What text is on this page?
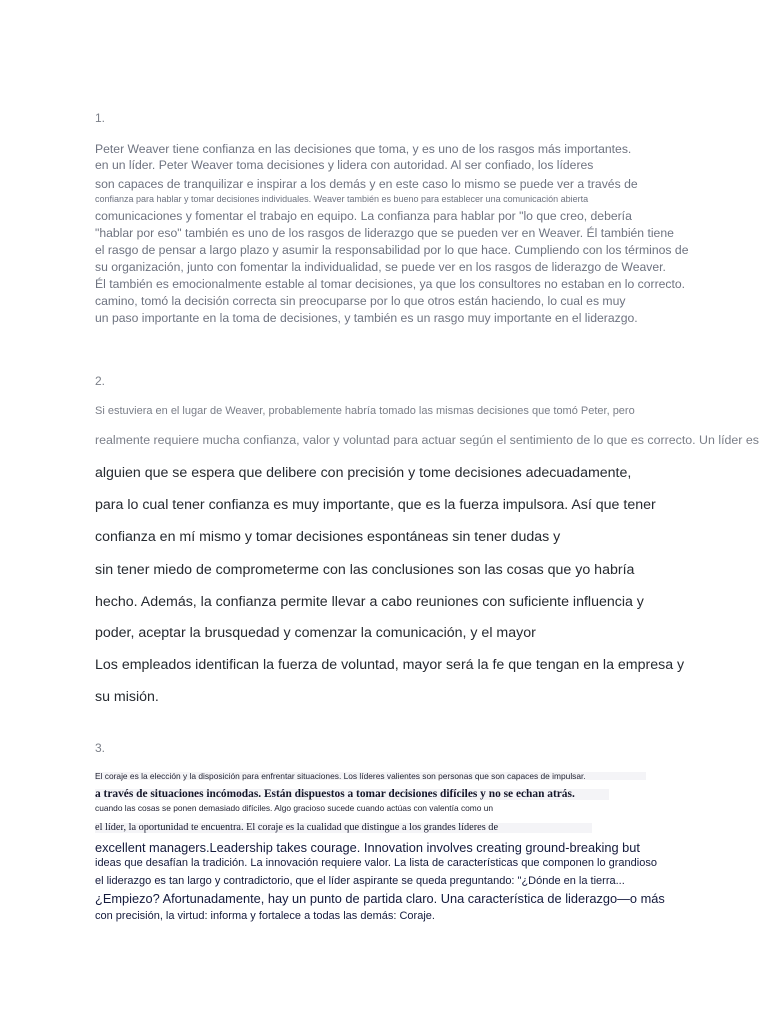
1.
Peter Weaver tiene confianza en las decisiones que toma, y es uno de los rasgos más importantes.
en un líder. Peter Weaver toma decisiones y lidera con autoridad. Al ser confiado, los líderes
son capaces de tranquilizar e inspirar a los demás y en este caso lo mismo se puede ver a través de
confianza para hablar y tomar decisiones individuales. Weaver también es bueno para establecer una comunicación abierta
comunicaciones y fomentar el trabajo en equipo. La confianza para hablar por "lo que creo, debería
"hablar por eso" también es uno de los rasgos de liderazgo que se pueden ver en Weaver. Él también tiene
el rasgo de pensar a largo plazo y asumir la responsabilidad por lo que hace. Cumpliendo con los términos de
su organización, junto con fomentar la individualidad, se puede ver en los rasgos de liderazgo de Weaver.
Él también es emocionalmente estable al tomar decisiones, ya que los consultores no estaban en lo correcto.
camino, tomó la decisión correcta sin preocuparse por lo que otros están haciendo, lo cual es muy
un paso importante en la toma de decisiones, y también es un rasgo muy importante en el liderazgo.
2.
Si estuviera en el lugar de Weaver, probablemente habría tomado las mismas decisiones que tomó Peter, pero
realmente requiere mucha confianza, valor y voluntad para actuar según el sentimiento de lo que es correcto. Un líder es
alguien que se espera que delibere con precisión y tome decisiones adecuadamente,
para lo cual tener confianza es muy importante, que es la fuerza impulsora. Así que tener
confianza en mí mismo y tomar decisiones espontáneas sin tener dudas y
sin tener miedo de comprometerme con las conclusiones son las cosas que yo habría
hecho. Además, la confianza permite llevar a cabo reuniones con suficiente influencia y
poder, aceptar la brusquedad y comenzar la comunicación, y el mayor
Los empleados identifican la fuerza de voluntad, mayor será la fe que tengan en la empresa y
su misión.
3.
El coraje es la elección y la disposición para enfrentar situaciones. Los líderes valientes son personas que son capaces de impulsar.
a través de situaciones incómodas. Están dispuestos a tomar decisiones difíciles y no se echan atrás.
cuando las cosas se ponen demasiado difíciles. Algo gracioso sucede cuando actúas con valentía como un
el líder, la oportunidad te encuentra. El coraje es la cualidad que distingue a los grandes líderes de
excellent managers.Leadership takes courage. Innovation involves creating ground-breaking but
ideas que desafían la tradición. La innovación requiere valor. La lista de características que componen lo grandioso
el liderazgo es tan largo y contradictorio, que el líder aspirante se queda preguntando: "¿Dónde en la tierra...
¿Empiezo? Afortunadamente, hay un punto de partida claro. Una característica de liderazgo—o más
con precisión, la virtud: informa y fortalece a todas las demás: Coraje.
